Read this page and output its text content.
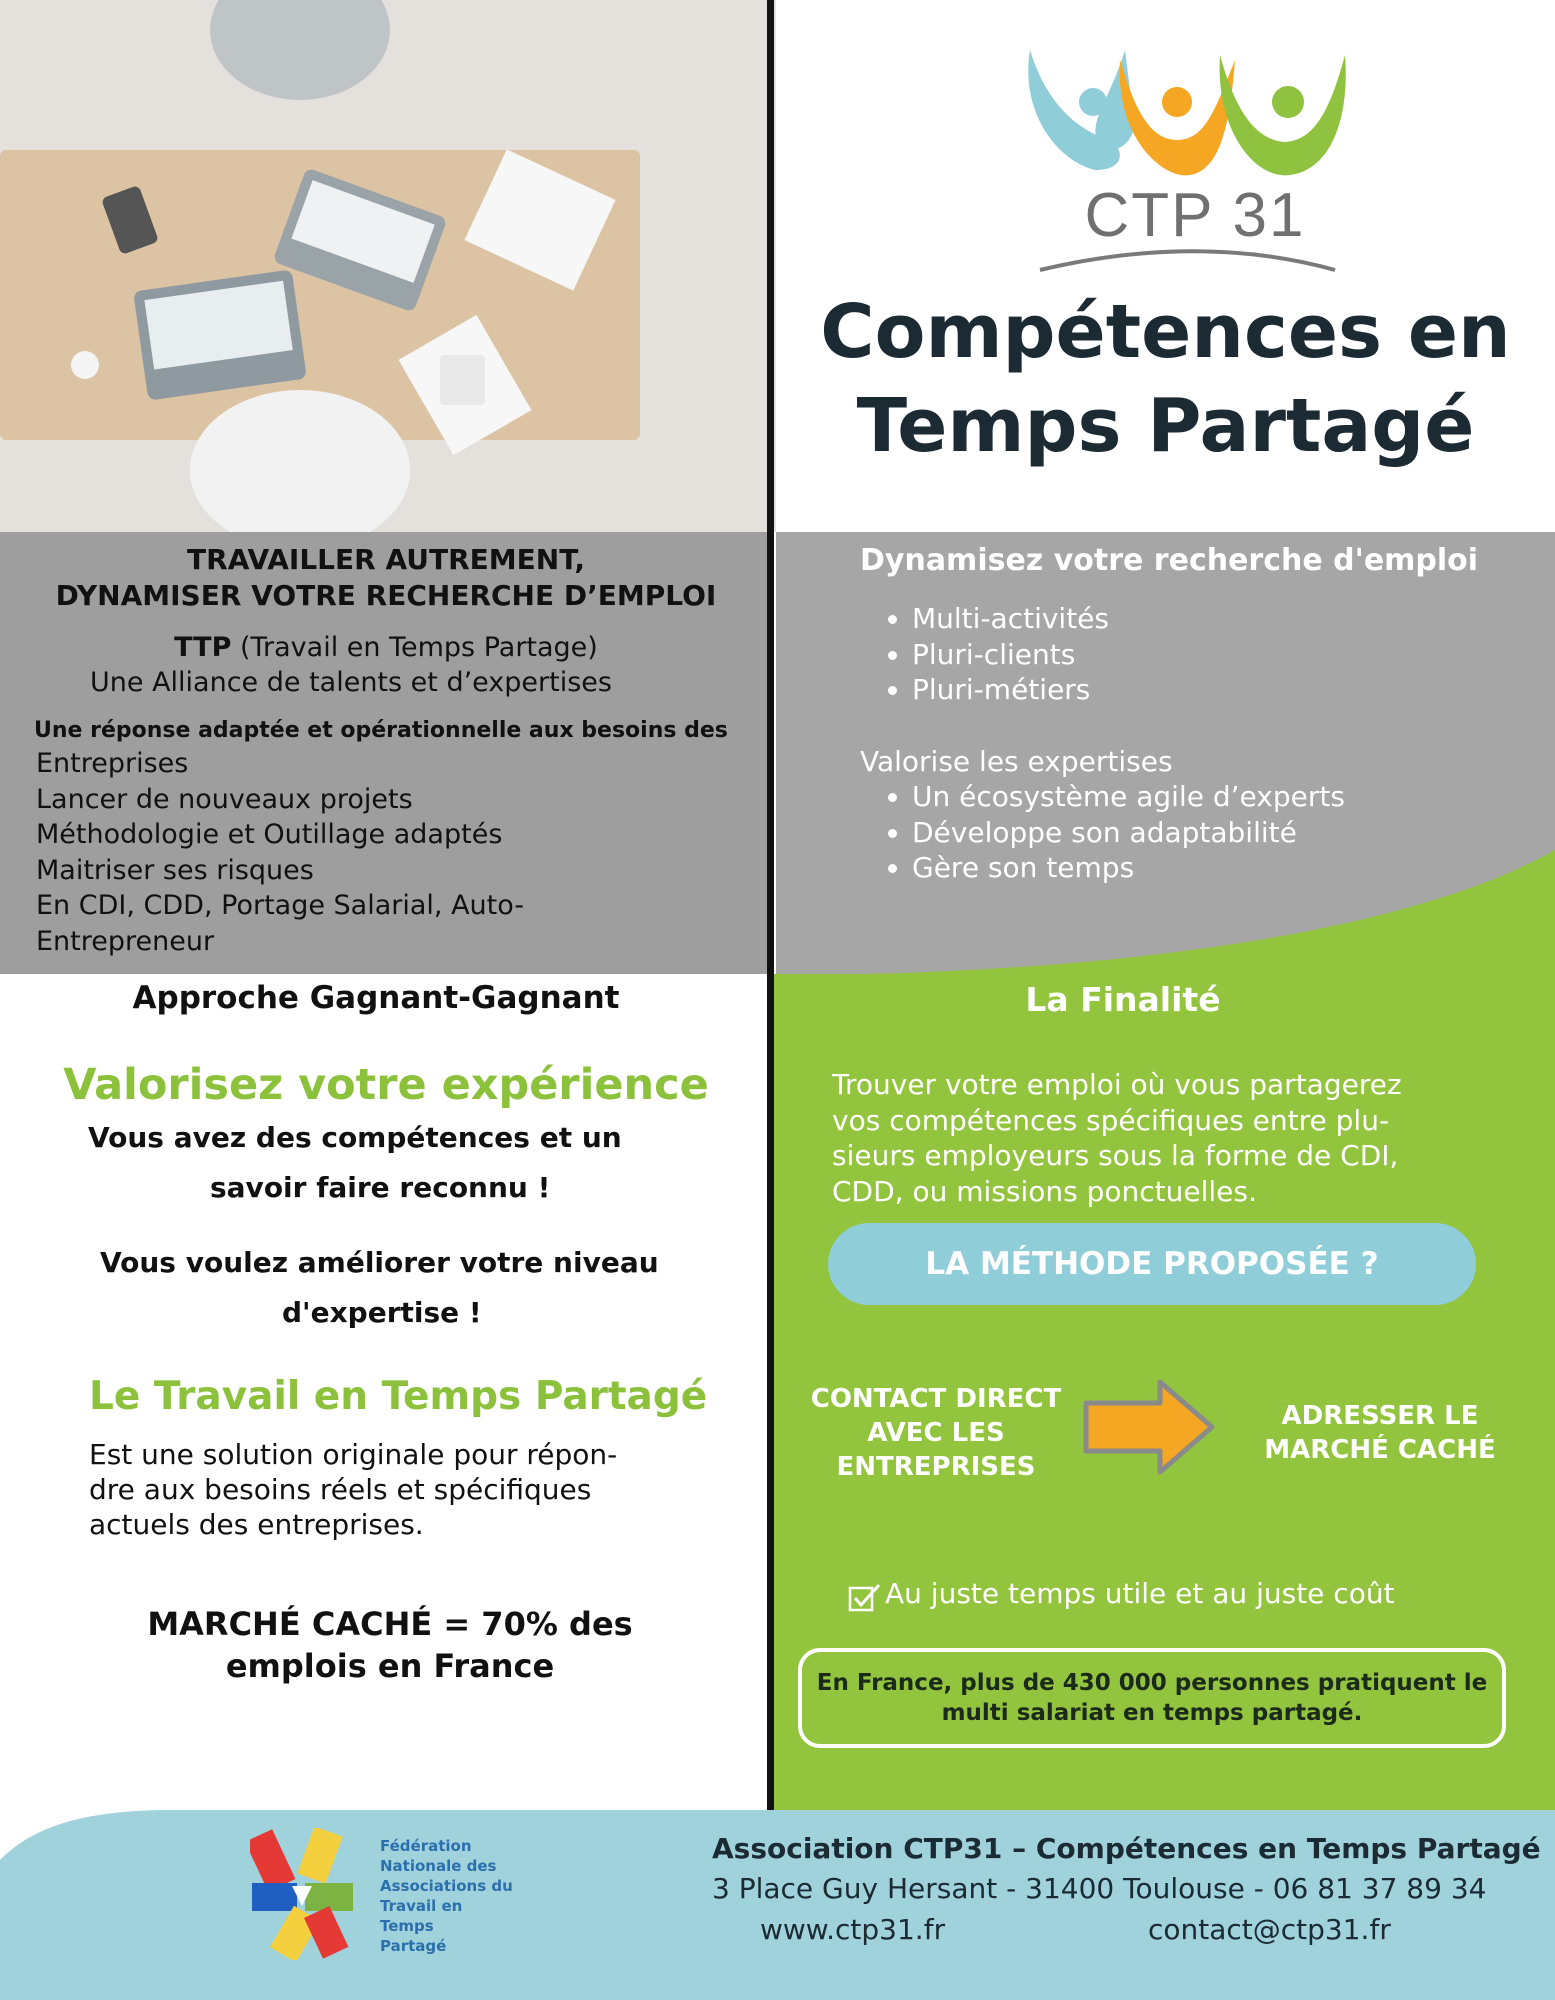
CTP 31
Compétences en
Temps Partagé
TRAVAILLER AUTREMENT,
DYNAMISER VOTRE RECHERCHE D’EMPLOI
TTP (Travail en Temps Partage)
Une Alliance de talents et d’expertises
Une réponse adaptée et opérationnelle aux besoins des
Entreprises
Lancer de nouveaux projets
Méthodologie et Outillage adaptés
Maitriser ses risques
En CDI, CDD, Portage Salarial, Auto-
Entrepreneur
Dynamisez votre recherche d'emploi
• Multi-activités
• Pluri-clients
• Pluri-métiers
Valorise les expertises
• Un écosystème agile d’experts
• Développe son adaptabilité
• Gère son temps
Approche Gagnant-Gagnant
Valorisez votre expérience
Vous avez des compétences et un
savoir faire reconnu !
Vous voulez améliorer votre niveau
d'expertise !
Le Travail en Temps Partagé
Est une solution originale pour répon-
dre aux besoins réels et spécifiques
actuels des entreprises.
MARCHÉ CACHÉ = 70% des
emplois en France
La Finalité
Trouver votre emploi où vous partagerez
vos compétences spécifiques entre plu-
sieurs employeurs sous la forme de CDI,
CDD, ou missions ponctuelles.
LA MÉTHODE PROPOSÉE ?
CONTACT DIRECT
AVEC LES
ENTREPRISES
ADRESSER LE
MARCHÉ CACHÉ
Au juste temps utile et au juste coût
En France, plus de 430 000 personnes pratiquent le
multi salariat en temps partagé.
Fédération
Nationale des
Associations du
Travail en
Temps
Partagé
Association CTP31 – Compétences en Temps Partagé
3 Place Guy Hersant - 31400 Toulouse - 06 81 37 89 34
www.ctp31.fr	contact@ctp31.fr
